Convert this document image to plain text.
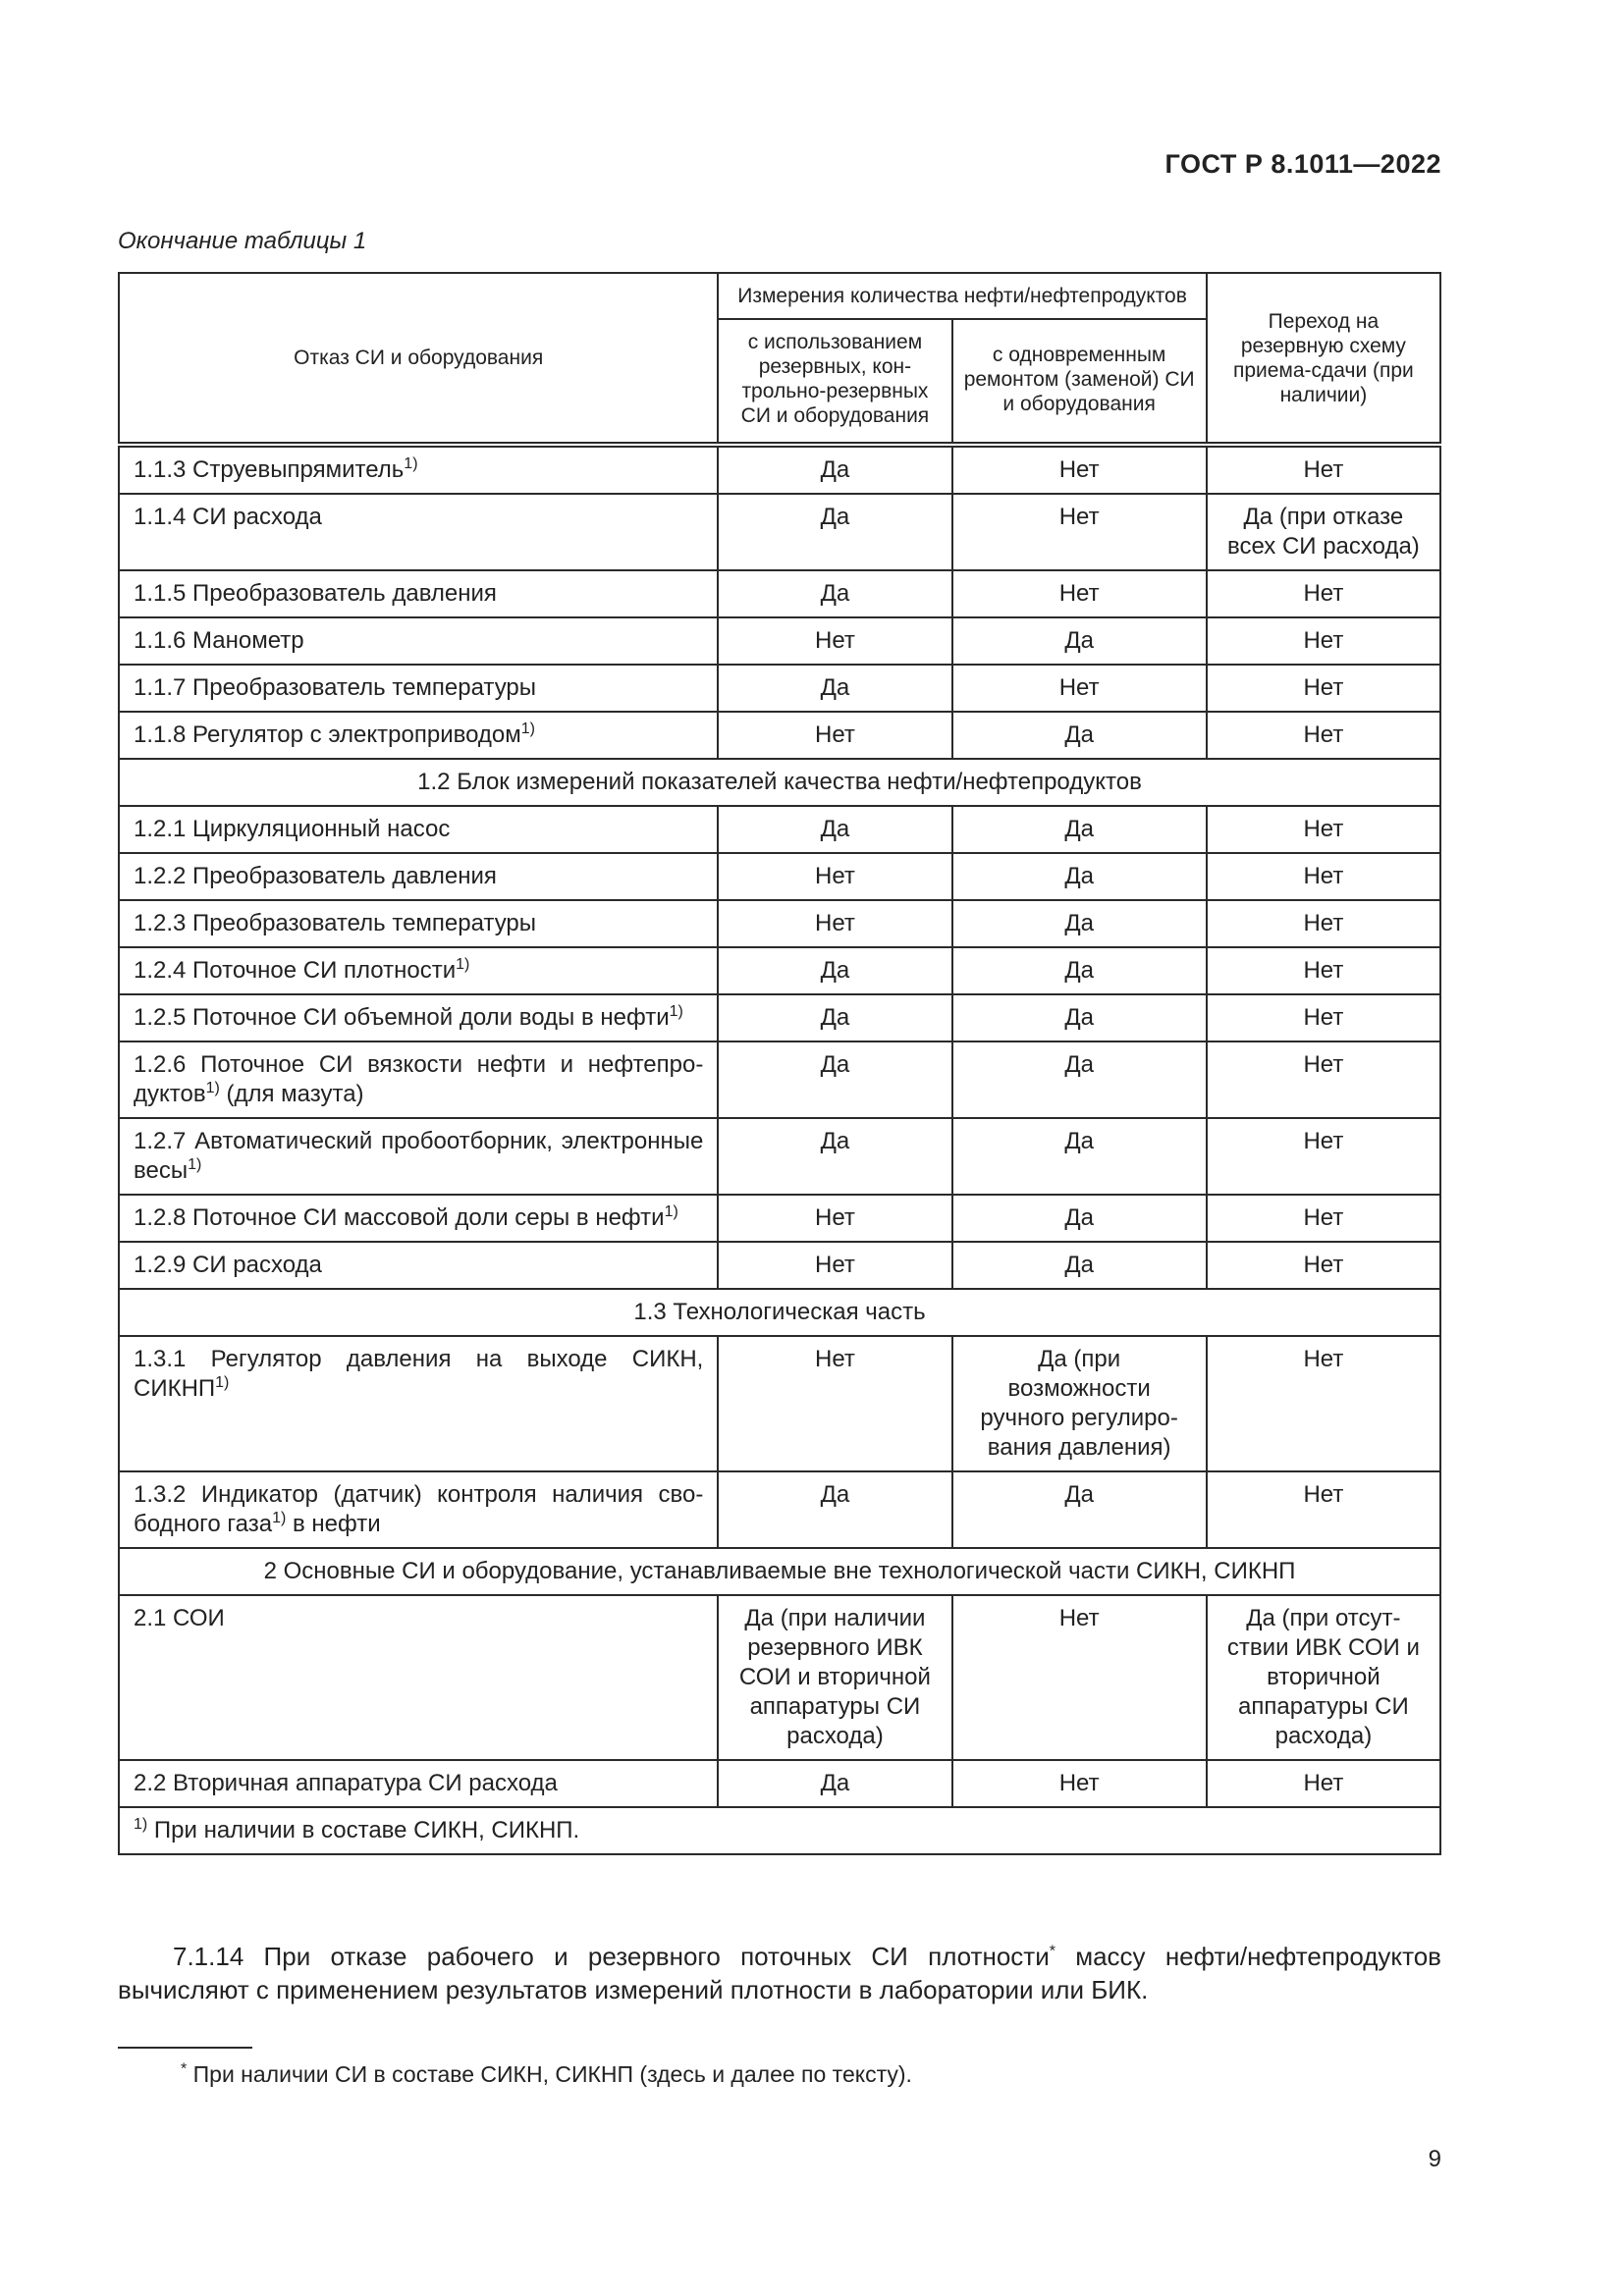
ГОСТ Р 8.1011—2022
Окончание таблицы 1
Отказ СИ и оборудования	Измерения количества нефти/нефтепродуктов		Переход на резервную схему приема-сдачи (при наличии)
	с использованием резервных, контрольно-резервных СИ и оборудования	с одновременным ремонтом (заменой) СИ и оборудования	
1.1.3 Струевыпрямитель$^{1)}$	Да	Нет	Нет
1.1.4 СИ расхода	Да	Нет	Да (при отказе всех СИ расхода)
1.1.5 Преобразователь давления	Да	Нет	Нет
1.1.6 Манометр	Нет	Да	Нет
1.1.7 Преобразователь температуры	Да	Нет	Нет
1.1.8 Регулятор с электроприводом$^{1)}$	Нет	Да	Нет
1.2 Блок измерений показателей качества нефти/нефтепродуктов			
1.2.1 Циркуляционный насос	Да	Да	Нет
1.2.2 Преобразователь давления	Нет	Да	Нет
1.2.3 Преобразователь температуры	Нет	Да	Нет
1.2.4 Поточное СИ плотности$^{1)}$	Да	Да	Нет
1.2.5 Поточное СИ объемной доли воды в нефти$^{1)}$	Да	Да	Нет
1.2.6 Поточное СИ вязкости нефти и нефтепродуктов$^{1)}$ (для мазута)	Да	Да	Нет
1.2.7 Автоматический пробоотборник, электронные весы$^{1)}$	Да	Да	Нет
1.2.8 Поточное СИ массовой доли серы в нефти$^{1)}$	Нет	Да	Нет
1.2.9 СИ расхода	Нет	Да	Нет
1.3 Технологическая часть			
1.3.1 Регулятор давления на выходе СИКН, СИКНП$^{1)}$	Нет	Да (при возможности ручного регулирования давления)	Нет
1.3.2 Индикатор (датчик) контроля наличия свободного газа$^{1)}$ в нефти	Да	Да	Нет
2 Основные СИ и оборудование, устанавливаемые вне технологической части СИКН, СИКНП			
2.1 СОИ	Да (при наличии резервного ИВК СОИ и вторичной аппаратуры СИ расхода)	Нет	Да (при отсутствии ИВК СОИ и вторичной аппаратуры СИ расхода)
2.2 Вторичная аппаратура СИ расхода	Да	Нет	Нет
$^{1)}$ При наличии в составе СИКН, СИКНП.			
7.1.14 При отказе рабочего и резервного поточных СИ плотности* массу нефти/нефтепродуктов вычисляют с применением результатов измерений плотности в лаборатории или БИК.
* При наличии СИ в составе СИКН, СИКНП (здесь и далее по тексту).
9
